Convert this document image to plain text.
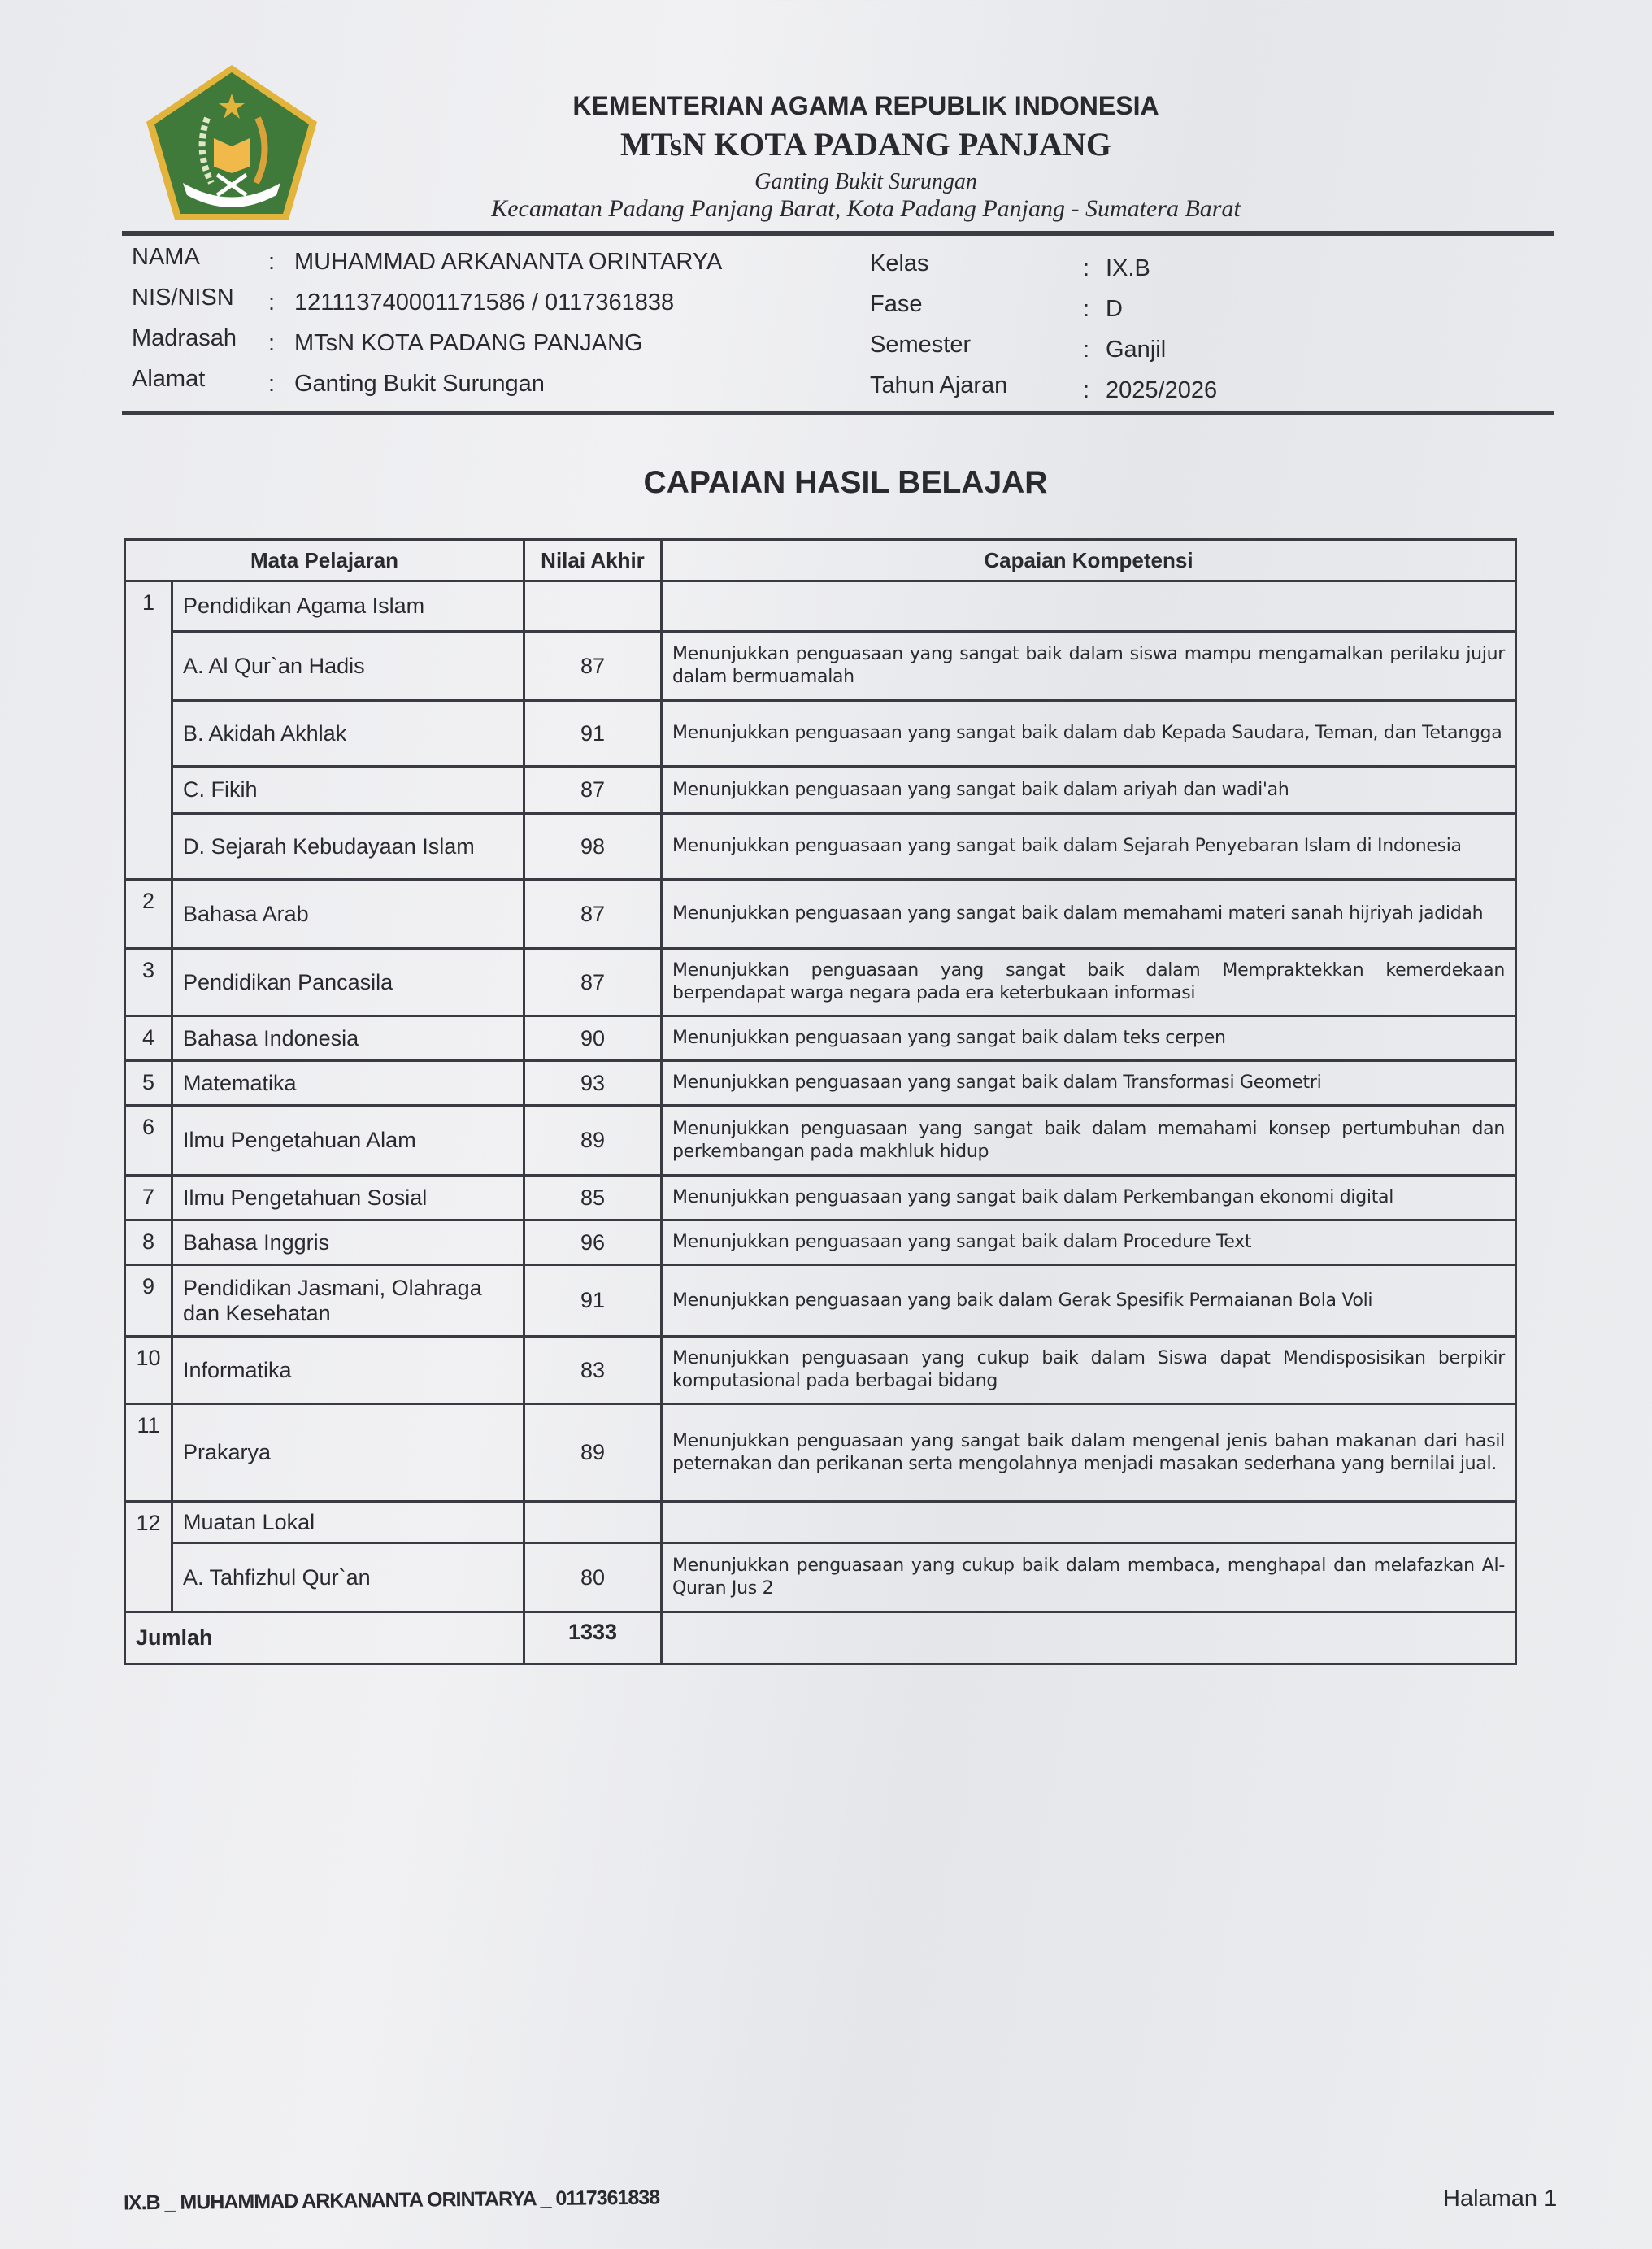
KEMENTERIAN AGAMA REPUBLIK INDONESIA
MTsN KOTA PADANG PANJANG
Ganting Bukit Surungan
Kecamatan Padang Panjang Barat, Kota Padang Panjang - Sumatera Barat
NAMA	: MUHAMMAD ARKANANTA ORINTARYA
NIS/NISN : 121113740001171586 / 0117361838
Madrasah : MTsN KOTA PADANG PANJANG
Alamat	: Ganting Bukit Surungan
Kelas	: IX.B
Fase	: D
Semester	: Ganjil
Tahun Ajaran	: 2025/2026
CAPAIAN HASIL BELAJAR
Mata Pelajaran		Nilai Akhir	Capaian Kompetensi
1	Pendidikan Agama Islam		
	A. Al Qur`an Hadis	87	Menunjukkan penguasaan yang sangat baik dalam siswa mampu mengamalkan perilaku jujur dalam bermuamalah
	B. Akidah Akhlak	91	Menunjukkan penguasaan yang sangat baik dalam dab Kepada Saudara, Teman, dan Tetangga
	C. Fikih	87	Menunjukkan penguasaan yang sangat baik dalam ariyah dan wadi'ah
	D. Sejarah Kebudayaan Islam	98	Menunjukkan penguasaan yang sangat baik dalam Sejarah Penyebaran Islam di Indonesia
2	Bahasa Arab	87	Menunjukkan penguasaan yang sangat baik dalam memahami materi sanah hijriyah jadidah
3	Pendidikan Pancasila	87	Menunjukkan penguasaan yang sangat baik dalam Mempraktekkan kemerdekaan berpendapat warga negara pada era keterbukaan informasi
4	Bahasa Indonesia	90	Menunjukkan penguasaan yang sangat baik dalam teks cerpen
5	Matematika	93	Menunjukkan penguasaan yang sangat baik dalam Transformasi Geometri
6	Ilmu Pengetahuan Alam	89	Menunjukkan penguasaan yang sangat baik dalam memahami konsep pertumbuhan dan perkembangan pada makhluk hidup
7	Ilmu Pengetahuan Sosial	85	Menunjukkan penguasaan yang sangat baik dalam Perkembangan ekonomi digital
8	Bahasa Inggris	96	Menunjukkan penguasaan yang sangat baik dalam Procedure Text
9	Pendidikan Jasmani, Olahraga dan Kesehatan	91	Menunjukkan penguasaan yang baik dalam Gerak Spesifik Permaianan Bola Voli
10	Informatika	83	Menunjukkan penguasaan yang cukup baik dalam Siswa dapat Mendisposisikan berpikir komputasional pada berbagai bidang
11	Prakarya	89	Menunjukkan penguasaan yang sangat baik dalam mengenal jenis bahan makanan dari hasil peternakan dan perikanan serta mengolahnya menjadi masakan sederhana yang bernilai jual.
12	Muatan Lokal		
	A. Tahfizhul Qur`an	80	Menunjukkan penguasaan yang cukup baik dalam membaca, menghapal dan melafazkan Al-Quran Jus 2
Jumlah		1333	
IX.B _ MUHAMMAD ARKANANTA ORINTARYA _ 0117361838	Halaman 1
